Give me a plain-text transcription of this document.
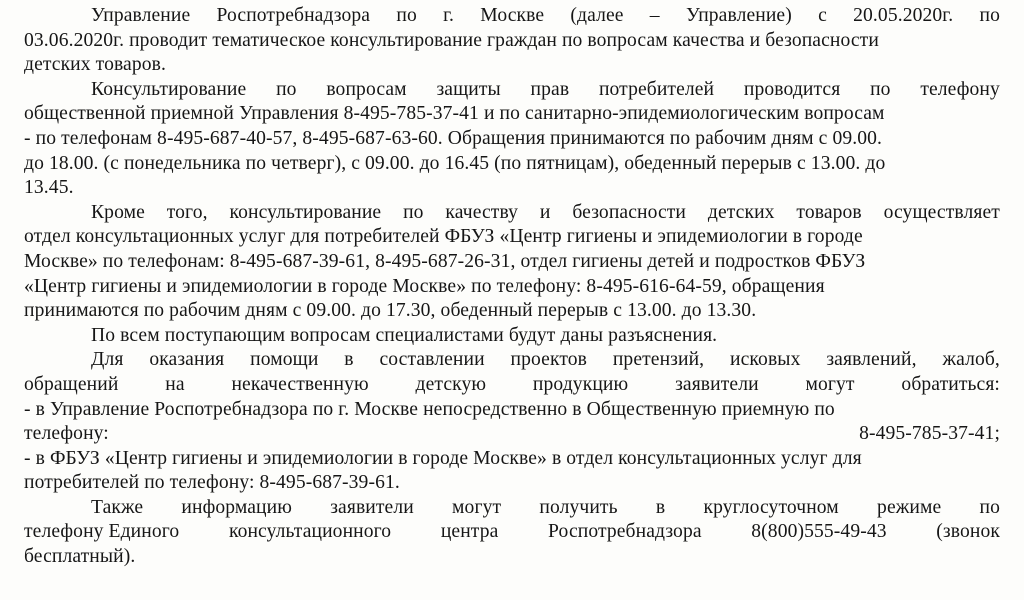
Управление Роспотребнадзора по г. Москве (далее – Управление) с 20.05.2020г. по
03.06.2020г. проводит тематическое консультирование граждан по вопросам качества и безопасности
детских товаров.
Консультирование по вопросам защиты прав потребителей проводится по телефону
общественной приемной Управления 8-495-785-37-41 и по санитарно-эпидемиологическим вопросам
- по телефонам 8-495-687-40-57, 8-495-687-63-60. Обращения принимаются по рабочим дням с 09.00.
до 18.00. (с понедельника по четверг), с 09.00. до 16.45 (по пятницам), обеденный перерыв с 13.00. до
13.45.
Кроме того, консультирование по качеству и безопасности детских товаров осуществляет
отдел консультационных услуг для потребителей ФБУЗ «Центр гигиены и эпидемиологии в городе
Москве» по телефонам: 8-495-687-39-61, 8-495-687-26-31, отдел гигиены детей и подростков ФБУЗ
«Центр гигиены и эпидемиологии в городе Москве» по телефону: 8-495-616-64-59, обращения
принимаются по рабочим дням с 09.00. до 17.30, обеденный перерыв с 13.00. до 13.30.
По всем поступающим вопросам специалистами будут даны разъяснения.
Для оказания помощи в составлении проектов претензий, исковых заявлений, жалоб,
обращений на некачественную детскую продукцию заявители могут обратиться:
- в Управление Роспотребнадзора по г. Москве непосредственно в Общественную приемную по
телефону:	8-495-785-37-41;
- в ФБУЗ «Центр гигиены и эпидемиологии в городе Москве» в отдел консультационных услуг для
потребителей по телефону: 8-495-687-39-61.
Также информацию заявители могут получить в круглосуточном режиме по
телефону Единого	консультационного	центра	Роспотребнадзора	8(800)555-49-43	(звонок
бесплатный).
